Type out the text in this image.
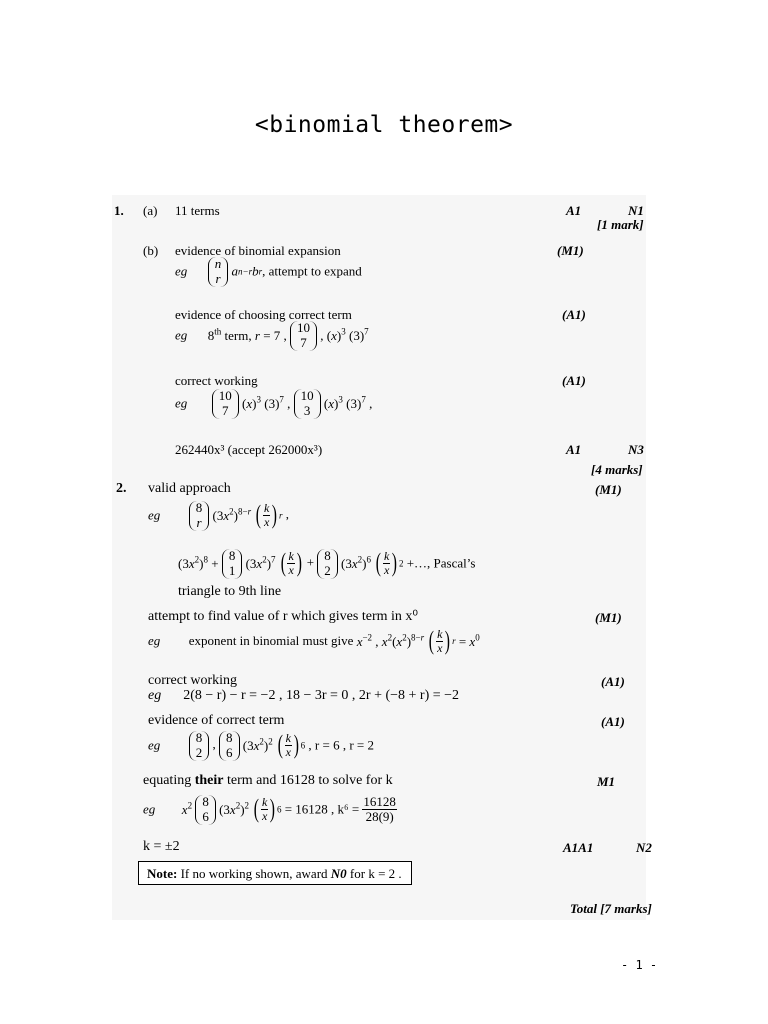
<binomial theorem>
1. (a) 11 terms	A1	N1
[1 mark]
(b) evidence of binomial expansion	(M1)
eg n
r an−rbr, attempt to expand
evidence of choosing correct term	(A1)
eg 8th term, r = 7 ,
10
7 , $(x)^3$ $(3)^7$
correct working	(A1)
eg 10
7 $(x)^3$ $(3)^7$ ,
10
3 $(x)^3$ $(3)^7$ ,
262440x³ (accept 262000x³)	A1	N3
[4 marks]
2. valid approach	(M1)
eg	8
r $(3x^2)^{8-r}$ ( $\frac{k}{x}$ ) r ,
$(3x^2)^8$ +
8
1 $(3x^2)^7$ ( $\frac{k}{x}$ ) + 8
2 $(3x^2)^6$ ( $\frac{k}{x}$ ) 2 +…, Pascal’s
triangle to 9th line
attempt to find value of r which gives term in x⁰	(M1)
eg exponent in binomial must give $x^{-2}$ , $x^2(x^2)^{8-r}$ ( $\frac{k}{x}$ ) $r = x^0$
correct working	(A1)
eg 2(8 − r) − r = −2 , 18 − 3r = 0 , 2r + (−8 + r) = −2
evidence of correct term	(A1)
eg	8
2
, 8
6 $(3x^2)^2$ ( $\frac{k}{x}$ ) 6 , r = 6 , r = 2
equating their term and 16128 to solve for k	M1
eg $x^2$ 8
6 $(3x^2)^2$ ( $\frac{k}{x}$ ) 6 = 16128 , $k^6 = \frac{16128}{28(9)}$
k = ±2	A1A1	N2
Note: If no working shown, award N0 for k = 2 .
Total [7 marks]
- 1 -
